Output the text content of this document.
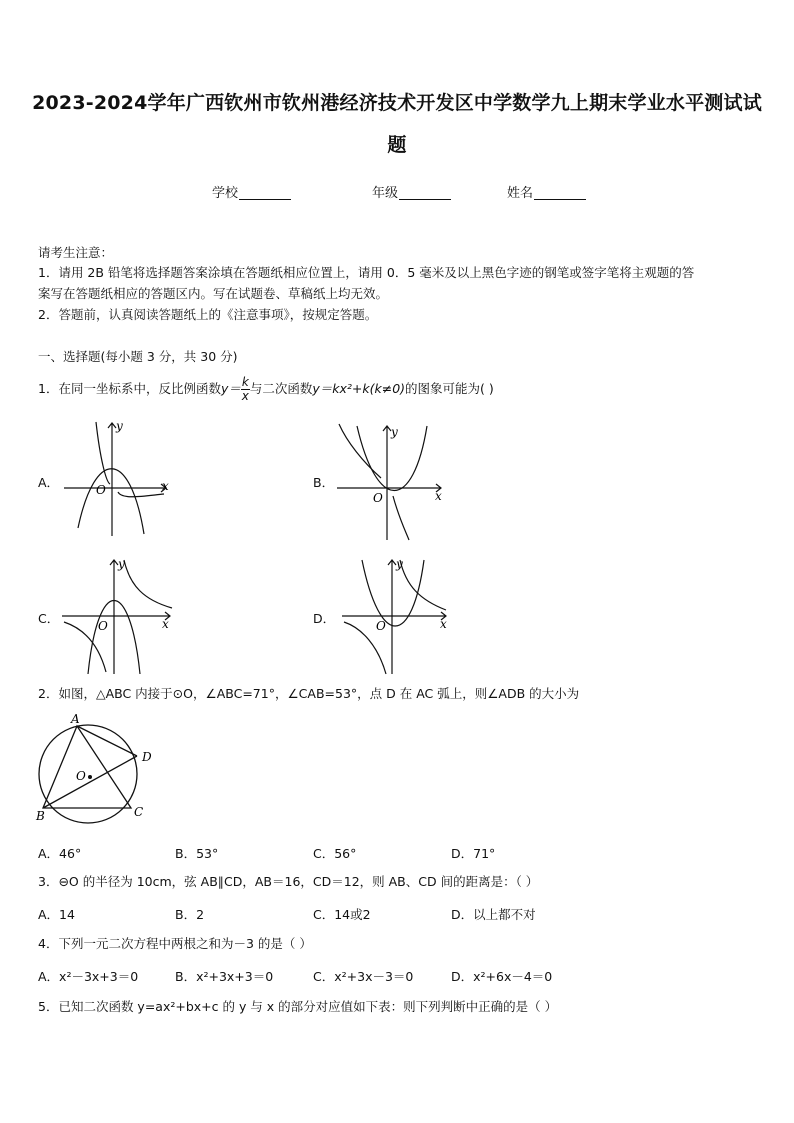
2023-2024学年广西钦州市钦州港经济技术开发区中学数学九上期末学业水平测试试
题
学校	年级	姓名
请考生注意：
1．请用 2B 铅笔将选择题答案涂填在答题纸相应位置上，请用 0．5 毫米及以上黑色字迹的钢笔或签字笔将主观题的答
案写在答题纸相应的答题区内。写在试题卷、草稿纸上均无效。
2．答题前，认真阅读答题纸上的《注意事项》，按规定答题。
一、选择题(每小题 3 分，共 30 分)
1．在同一坐标系中，反比例函数$y= \frac{k}{x}$ 与二次函数y＝kx²+k(k≠0)的图象可能为( )
A．	B．
C．	D．
x
y
O	x
y
O
x
y
O	x
y
O
2．如图，△ABC 内接于⊙O，∠ABC=71°，∠CAB=53°，点 D 在 AC 弧上，则∠ADB 的大小为
A
D
O
B	C
A．46°	B．53°	C．56°	D．71°
3．⊖O 的半径为 10cm，弦 AB∥CD，AB＝16，CD＝12，则 AB、CD 间的距离是：（ ）
A．14	B．2	C．14或2	D．以上都不对
4．下列一元二次方程中两根之和为－3 的是（ ）
A．x²－3x+3＝0	B．x²+3x+3＝0	C．x²+3x－3＝0	D．x²+6x－4＝0
5．已知二次函数 y=ax²+bx+c 的 y 与 x 的部分对应值如下表：则下列判断中正确的是（ ）
